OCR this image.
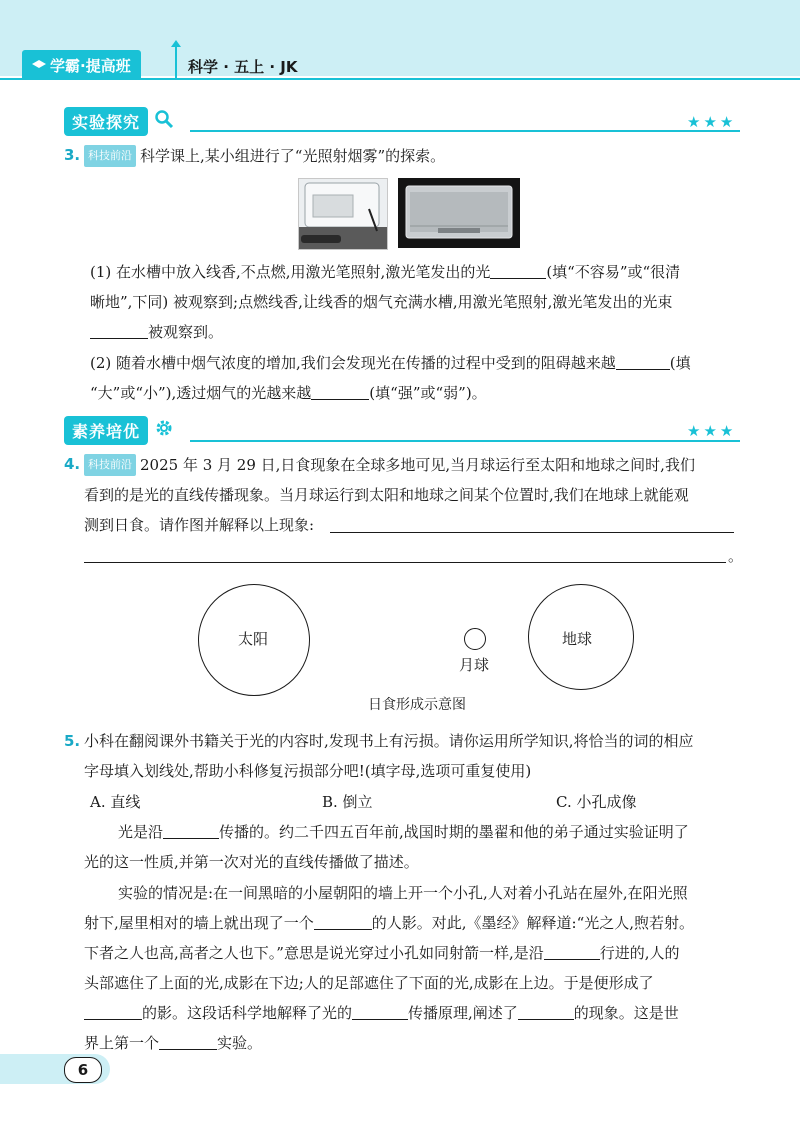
学霸·提高班	科学 · 五上 · JK
实验探究	★★★
3. 科技前沿 科学课上,某小组进行了“光照射烟雾”的探索。
(1) 在水槽中放入线香,不点燃,用激光笔照射,激光笔发出的光	(填“不容易”或“很清
晰地”,下同) 被观察到;点燃线香,让线香的烟气充满水槽,用激光笔照射,激光笔发出的光束
被观察到。
(2) 随着水槽中烟气浓度的增加,我们会发现光在传播的过程中受到的阻碍越来越	(填
“大”或“小”),透过烟气的光越来越	(填“强”或“弱”)。
素养培优	★★★
4. 科技前沿 2025 年 3 月 29 日,日食现象在全球多地可见,当月球运行至太阳和地球之间时,我们
看到的是光的直线传播现象。当月球运行到太阳和地球之间某个位置时,我们在地球上就能观
测到日食。请作图并解释以上现象:
。
太阳
月球
地球
日食形成示意图
5. 小科在翻阅课外书籍关于光的内容时,发现书上有污损。请你运用所学知识,将恰当的词的相应
字母填入划线处,帮助小科修复污损部分吧!(填字母,选项可重复使用)
A. 直线	B. 倒立	C. 小孔成像
光是沿	传播的。约二千四五百年前,战国时期的墨翟和他的弟子通过实验证明了
光的这一性质,并第一次对光的直线传播做了描述。
实验的情况是:在一间黑暗的小屋朝阳的墙上开一个小孔,人对着小孔站在屋外,在阳光照
射下,屋里相对的墙上就出现了一个	的人影。对此,《墨经》解释道:“光之人,煦若射。
下者之人也高,高者之人也下。”意思是说光穿过小孔如同射箭一样,是沿	行进的,人的
头部遮住了上面的光,成影在下边;人的足部遮住了下面的光,成影在上边。于是便形成了
的影。这段话科学地解释了光的	传播原理,阐述了	的现象。这是世
界上第一个	实验。
6
